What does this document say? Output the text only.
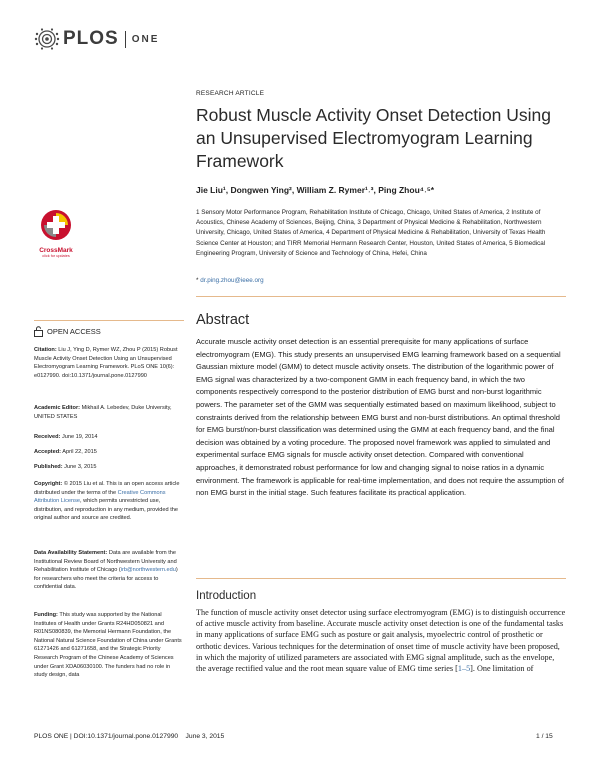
PLOS ONE
RESEARCH ARTICLE
Robust Muscle Activity Onset Detection Using an Unsupervised Electromyogram Learning Framework
Jie Liu¹, Dongwen Ying², William Z. Rymer¹˒³, Ping Zhou⁴˒⁵*
1 Sensory Motor Performance Program, Rehabilitation Institute of Chicago, Chicago, United States of America, 2 Institute of Acoustics, Chinese Academy of Sciences, Beijing, China, 3 Department of Physical Medicine & Rehabilitation, Northwestern University, Chicago, United States of America, 4 Department of Physical Medicine & Rehabilitation, University of Texas Health Science Center at Houston; and TIRR Memorial Hermann Research Center, Houston, United States of America, 5 Biomedical Engineering Program, University of Science and Technology of China, Hefei, China
* dr.ping.zhou@ieee.org
CrossMark
click for updates
OPEN ACCESS
Citation: Liu J, Ying D, Rymer WZ, Zhou P (2015) Robust Muscle Activity Onset Detection Using an Unsupervised Electromyogram Learning Framework. PLoS ONE 10(6): e0127990. doi:10.1371/journal.pone.0127990
Academic Editor: Mikhail A. Lebedev, Duke University, UNITED STATES
Received: June 19, 2014
Accepted: April 22, 2015
Published: June 3, 2015
Copyright: © 2015 Liu et al. This is an open access article distributed under the terms of the Creative Commons Attribution License, which permits unrestricted use, distribution, and reproduction in any medium, provided the original author and source are credited.
Data Availability Statement: Data are available from the Institutional Review Board of Northwestern University and Rehabilitation Institute of Chicago (irb@northwestern.edu) for researchers who meet the criteria for access to confidential data.
Funding: This study was supported by the National Institutes of Health under Grants R24HD050821 and R01NS080839, the Memorial Hermann Foundation, the National Natural Science Foundation of China under Grants 61271426 and 61271658, and the Strategic Priority Research Program of the Chinese Academy of Sciences under Grant XDA06030100. The funders had no role in study design, data
Abstract
Accurate muscle activity onset detection is an essential prerequisite for many applications of surface electromyogram (EMG). This study presents an unsupervised EMG learning framework based on a sequential Gaussian mixture model (GMM) to detect muscle activity onsets. The distribution of the logarithmic power of EMG signal was characterized by a two-component GMM in each frequency band, in which the two components respectively correspond to the posterior distribution of EMG burst and non-burst logarithmic powers. The parameter set of the GMM was sequentially estimated based on maximum likelihood, subject to constraints derived from the relationship between EMG burst and non-burst distributions. An optimal threshold for EMG burst/non-burst classification was determined using the GMM at each frequency band, and the final decision was obtained by a voting procedure. The proposed novel framework was applied to simulated and experimental surface EMG signals for muscle activity onset detection. Compared with conventional approaches, it demonstrated robust performance for low and changing signal to noise ratios in a dynamic environment. The framework is applicable for real-time implementation, and does not require the assumption of non EMG burst in the initial stage. Such features facilitate its practical application.
Introduction
The function of muscle activity onset detector using surface electromyogram (EMG) is to distinguish occurrence of active muscle activity from baseline. Accurate muscle activity onset detection is one of the fundamental tasks in many applications of surface EMG such as posture or gait analysis, myoelectric control of prosthetic or orthotic devices. Various techniques for the determination of onset time of muscle activity have been proposed, in which the majority of utilized parameters are associated with EMG signal amplitude, such as the envelope, the average rectified value and the root mean square value of EMG time series [1–5]. One limitation of
PLOS ONE | DOI:10.1371/journal.pone.0127990    June 3, 2015	1 / 15
